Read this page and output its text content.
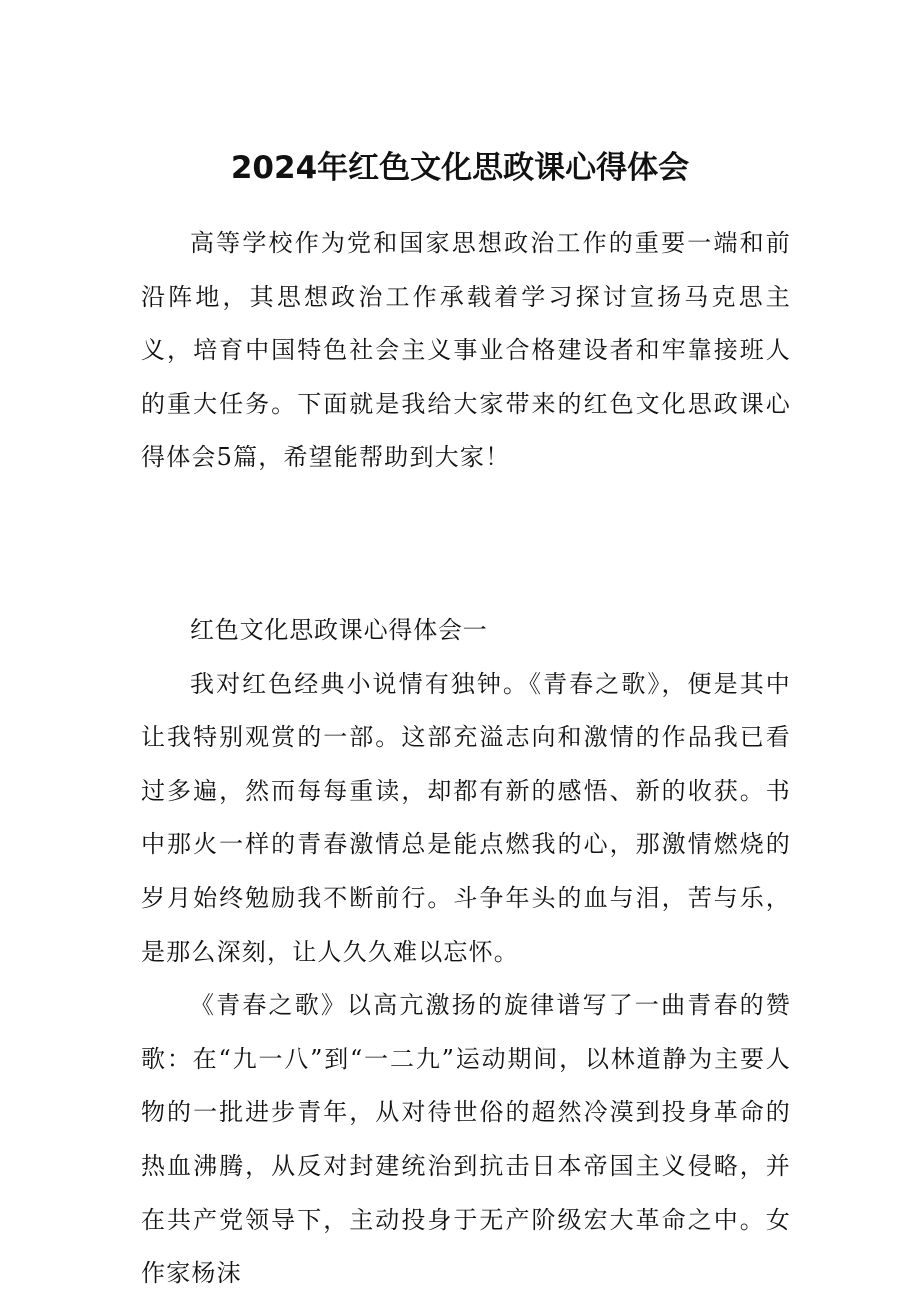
2024年红色文化思政课心得体会

高等学校作为党和国家思想政治工作的重要一端和前沿阵地，其思想政治工作承载着学习探讨宣扬马克思主义，培育中国特色社会主义事业合格建设者和牢靠接班人的重大任务。下面就是我给大家带来的红色文化思政课心得体会5篇，希望能帮助到大家！

红色文化思政课心得体会一

我对红色经典小说情有独钟。《青春之歌》，便是其中让我特别观赏的一部。这部充溢志向和激情的作品我已看过多遍，然而每每重读，却都有新的感悟、新的收获。书中那火一样的青春激情总是能点燃我的心，那激情燃烧的岁月始终勉励我不断前行。斗争年头的血与泪，苦与乐，是那么深刻，让人久久难以忘怀。

《青春之歌》以高亢激扬的旋律谱写了一曲青春的赞歌：在“九一八”到“一二九”运动期间，以林道静为主要人物的一批进步青年，从对待世俗的超然冷漠到投身革命的热血沸腾，从反对封建统治到抗击日本帝国主义侵略，并在共产党领导下，主动投身于无产阶级宏大革命之中。女作家杨沫
